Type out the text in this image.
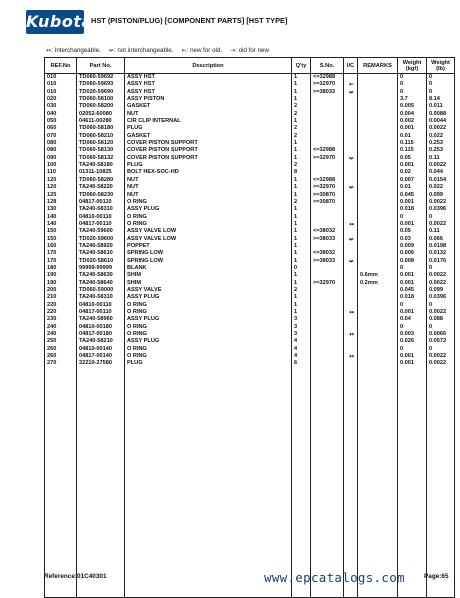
Kubota
HST (PISTON/PLUG) [COMPONENT PARTS] [HST TYPE]
↔: Interchangeable, ↚: not interchangeable, ←: new for old, →: old for new
REF.No	Part No.	Description	Q'ty	S.No.	I/C	REMARKS	Weight (kgf)	Weight (lb)
010	TD060-59692	ASSY HST	1	<=32988			0	0
010	TD060-59693	ASSY HST	1	>=32970	←		0	0
010	TD020-59690	ASSY HST	1	>=38033	↚		0	0
020	TD060-58100	ASSY PISTON	1				3.7	8.14
030	TD060-58200	GASKET	2				0.005	0.011
040	02052-60080	NUT	2				0.004	0.0088
050	04611-00280	CIR CLIP INTERNAL	1				0.002	0.0044
060	TD060-58180	PLUG	2				0.001	0.0022
070	TD060-58210	GASKET	2				0.01	0.022
080	TD060-58120	COVER PISTON SUPPORT	1				0.115	0.253
080	TD060-58130	COVER PISTON SUPPORT	1	<=32988			0.115	0.253
090	TD060-58132	COVER PISTON SUPPORT	1	>=32970	↚		0.05	0.11
100	TA240-58180	PLUG	2				0.001	0.0022
110	01311-10825	BOLT HEX-SOC-HD	8				0.02	0.044
120	TD060-58280	NUT	1	<=32988			0.007	0.0154
120	TA240-58220	NUT	1	>=32970	↚		0.01	0.022
125	TD060-58230	NUT	1	>=30870			0.045	0.099
128	04817-00110	O RING	2	>=30870			0.001	0.0022
130	TA240-58310	ASSY PLUG	1				0.018	0.0396
140	04810-00110	O RING	1				0	0
140	04817-00110	O RING	1		↔		0.001	0.0022
150	TA240-59600	ASSY VALVE LOW	1	<=38032			0.05	0.11
150	TD020-59600	ASSY VALVE LOW	1	>=38033	↚		0.03	0.066
160	TA240-58920	POPPET	1				0.009	0.0198
170	TA240-58610	SPRING LOW	1	<=38032			0.006	0.0132
170	TD020-58610	SPRING LOW	1	>=38033	↚		0.008	0.0176
180	99999-99999	BLANK	0				0	0
190	TA240-58630	SHIM	1			0.6mm	0.001	0.0022
190	TA240-58640	SHIM	1	>=32970		0.2mm	0.001	0.0022
200	TD060-59000	ASSY VALVE	2				0.045	0.099
210	TA240-58310	ASSY PLUG	1				0.018	0.0396
220	04810-00110	O RING	1				0	0
220	04817-00110	O RING	1		↔		0.001	0.0022
230	TA240-58960	ASSY PLUG	3				0.04	0.088
240	04810-00180	O RING	3				0	0
240	04817-00180	O RING	3		↔		0.003	0.0066
250	TA240-58210	ASSY PLUG	4				0.026	0.0572
260	04810-00140	O RING	4				0	0
260	04817-00140	O RING	4		↔		0.001	0.0022
270	32210-27580	PLUG	6				0.001	0.0022

Reference:01C40301	www.epcatalogs.com	Page:65
